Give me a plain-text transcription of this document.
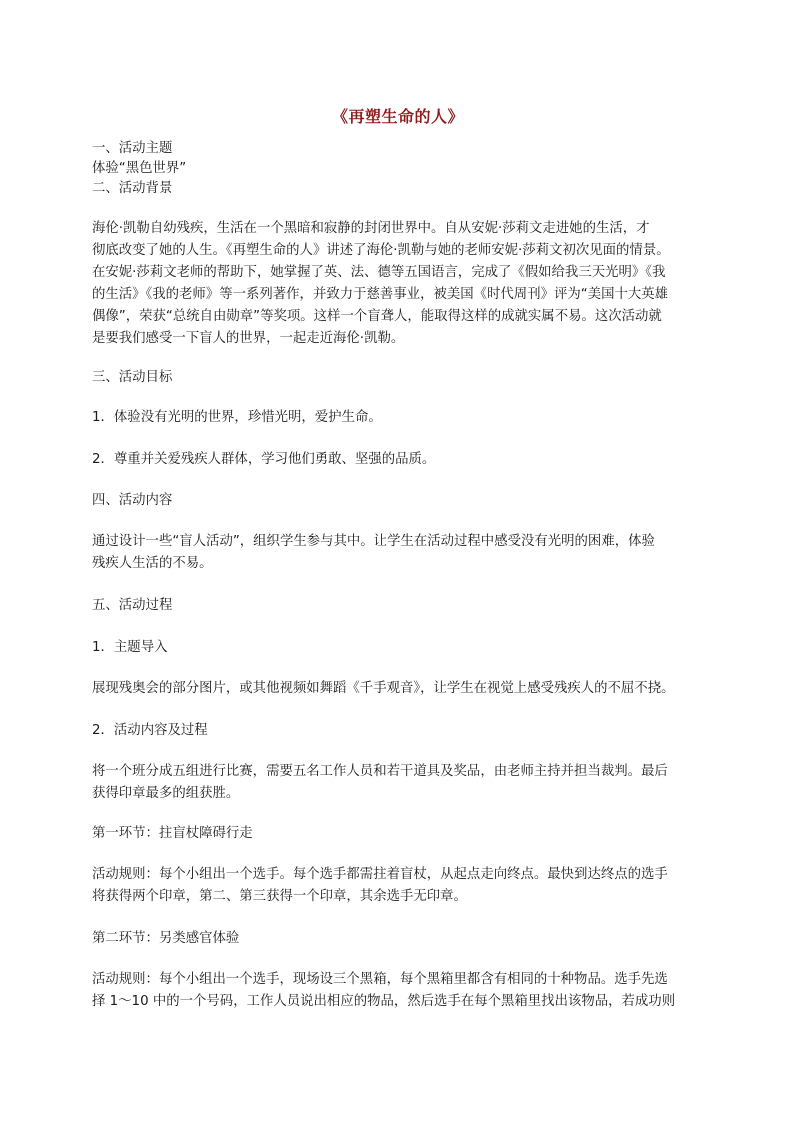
《再塑生命的人》
一、活动主题
体验“黑色世界”
二、活动背景
海伦·凯勒自幼残疾，生活在一个黑暗和寂静的封闭世界中。自从安妮·莎莉文走进她的生活，才
彻底改变了她的人生。《再塑生命的人》讲述了海伦·凯勒与她的老师安妮·莎莉文初次见面的情景。
在安妮·莎莉文老师的帮助下，她掌握了英、法、德等五国语言，完成了《假如给我三天光明》《我
的生活》《我的老师》等一系列著作，并致力于慈善事业，被美国《时代周刊》评为“美国十大英雄
偶像”，荣获“总统自由勋章”等奖项。这样一个盲聋人，能取得这样的成就实属不易。这次活动就
是要我们感受一下盲人的世界，一起走近海伦·凯勒。
三、活动目标
1．体验没有光明的世界，珍惜光明，爱护生命。
2．尊重并关爱残疾人群体，学习他们勇敢、坚强的品质。
四、活动内容
通过设计一些“盲人活动”，组织学生参与其中。让学生在活动过程中感受没有光明的困难，体验
残疾人生活的不易。
五、活动过程
1．主题导入
展现残奥会的部分图片，或其他视频如舞蹈《千手观音》，让学生在视觉上感受残疾人的不屈不挠。
2．活动内容及过程
将一个班分成五组进行比赛，需要五名工作人员和若干道具及奖品，由老师主持并担当裁判。最后
获得印章最多的组获胜。
第一环节：拄盲杖障碍行走
活动规则：每个小组出一个选手。每个选手都需拄着盲杖，从起点走向终点。最快到达终点的选手
将获得两个印章，第二、第三获得一个印章，其余选手无印章。
第二环节：另类感官体验
活动规则：每个小组出一个选手，现场设三个黑箱，每个黑箱里都含有相同的十种物品。选手先选
择 1～10 中的一个号码，工作人员说出相应的物品，然后选手在每个黑箱里找出该物品，若成功则
